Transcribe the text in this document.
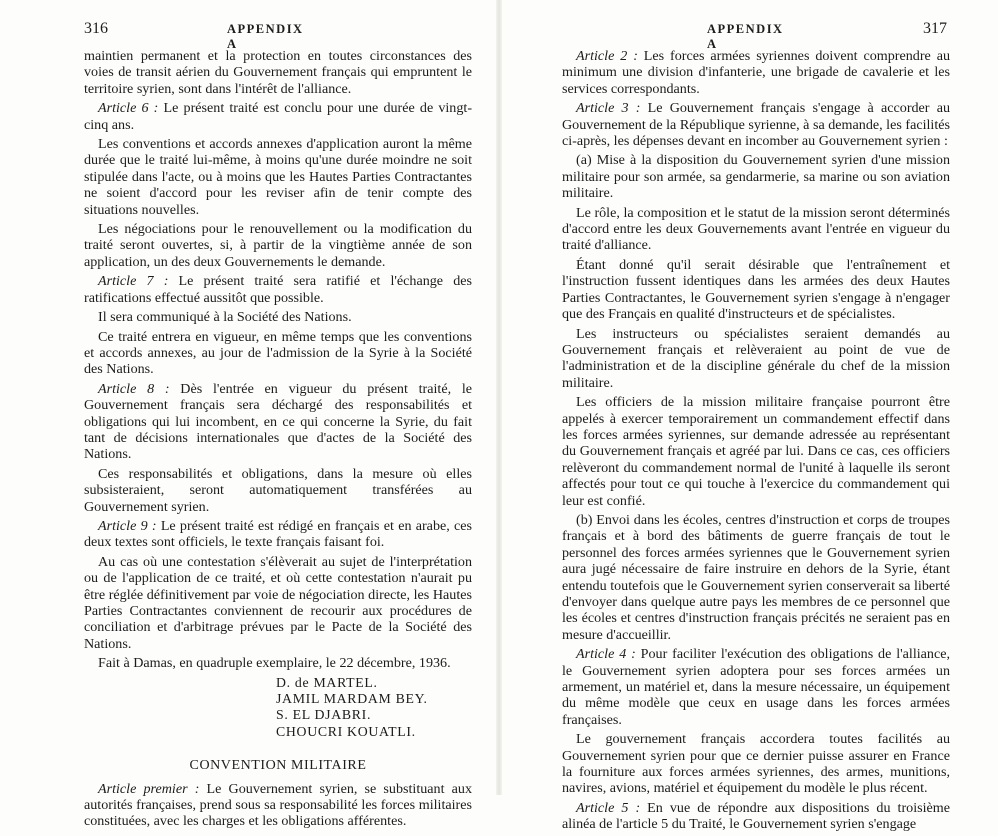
316	APPENDIX A

maintien permanent et la protection en toutes circonstances des voies de transit aérien du Gouvernement français qui empruntent le territoire syrien, sont dans l'intérêt de l'alliance.

Article 6 : Le présent traité est conclu pour une durée de vingt-cinq ans.

Les conventions et accords annexes d'application auront la même durée que le traité lui-même, à moins qu'une durée moindre ne soit stipulée dans l'acte, ou à moins que les Hautes Parties Contractantes ne soient d'accord pour les reviser afin de tenir compte des situations nouvelles.

Les négociations pour le renouvellement ou la modification du traité seront ouvertes, si, à partir de la vingtième année de son application, un des deux Gouvernements le demande.

Article 7 : Le présent traité sera ratifié et l'échange des ratifications effectué aussitôt que possible.

Il sera communiqué à la Société des Nations.

Ce traité entrera en vigueur, en même temps que les conventions et accords annexes, au jour de l'admission de la Syrie à la Société des Nations.

Article 8 : Dès l'entrée en vigueur du présent traité, le Gouvernement français sera déchargé des responsabilités et obligations qui lui incombent, en ce qui concerne la Syrie, du fait tant de décisions internationales que d'actes de la Société des Nations.

Ces responsabilités et obligations, dans la mesure où elles subsisteraient, seront automatiquement transférées au Gouvernement syrien.

Article 9 : Le présent traité est rédigé en français et en arabe, ces deux textes sont officiels, le texte français faisant foi.

Au cas où une contestation s'élèverait au sujet de l'interprétation ou de l'application de ce traité, et où cette contestation n'aurait pu être réglée définitivement par voie de négociation directe, les Hautes Parties Contractantes conviennent de recourir aux procédures de conciliation et d'arbitrage prévues par le Pacte de la Société des Nations.

Fait à Damas, en quadruple exemplaire, le 22 décembre, 1936.

D. de MARTEL.
JAMIL MARDAM BEY.
S. EL DJABRI.
CHOUCRI KOUATLI.
CONVENTION MILITAIRE

Article premier : Le Gouvernement syrien, se substituant aux autorités françaises, prend sous sa responsabilité les forces militaires constituées, avec les charges et les obligations afférentes.

APPENDIX A
317

Article 2 : Les forces armées syriennes doivent comprendre au minimum une division d'infanterie, une brigade de cavalerie et les services correspondants.

Article 3 : Le Gouvernement français s'engage à accorder au Gouvernement de la République syrienne, à sa demande, les facilités ci-après, les dépenses devant en incomber au Gouvernement syrien :

(a) Mise à la disposition du Gouvernement syrien d'une mission militaire pour son armée, sa gendarmerie, sa marine ou son aviation militaire.

Le rôle, la composition et le statut de la mission seront déterminés d'accord entre les deux Gouvernements avant l'entrée en vigueur du traité d'alliance.

Étant donné qu'il serait désirable que l'entraînement et l'instruction fussent identiques dans les armées des deux Hautes Parties Contractantes, le Gouvernement syrien s'engage à n'engager que des Français en qualité d'instructeurs et de spécialistes.

Les instructeurs ou spécialistes seraient demandés au Gouvernement français et relèveraient au point de vue de l'administration et de la discipline générale du chef de la mission militaire.

Les officiers de la mission militaire française pourront être appelés à exercer temporairement un commandement effectif dans les forces armées syriennes, sur demande adressée au représentant du Gouvernement français et agréé par lui. Dans ce cas, ces officiers relèveront du commandement normal de l'unité à laquelle ils seront affectés pour tout ce qui touche à l'exercice du commandement qui leur est confié.

(b) Envoi dans les écoles, centres d'instruction et corps de troupes français et à bord des bâtiments de guerre français de tout le personnel des forces armées syriennes que le Gouvernement syrien aura jugé nécessaire de faire instruire en dehors de la Syrie, étant entendu toutefois que le Gouvernement syrien conserverait sa liberté d'envoyer dans quelque autre pays les membres de ce personnel que les écoles et centres d'instruction français précités ne seraient pas en mesure d'accueillir.

Article 4 : Pour faciliter l'exécution des obligations de l'alliance, le Gouvernement syrien adoptera pour ses forces armées un armement, un matériel et, dans la mesure nécessaire, un équipement du même modèle que ceux en usage dans les forces armées françaises.

Le gouvernement français accordera toutes facilités au Gouvernement syrien pour que ce dernier puisse assurer en France la fourniture aux forces armées syriennes, des armes, munitions, navires, avions, matériel et équipement du modèle le plus récent.

Article 5 : En vue de répondre aux dispositions du troisième alinéa de l'article 5 du Traité, le Gouvernement syrien s'engage
